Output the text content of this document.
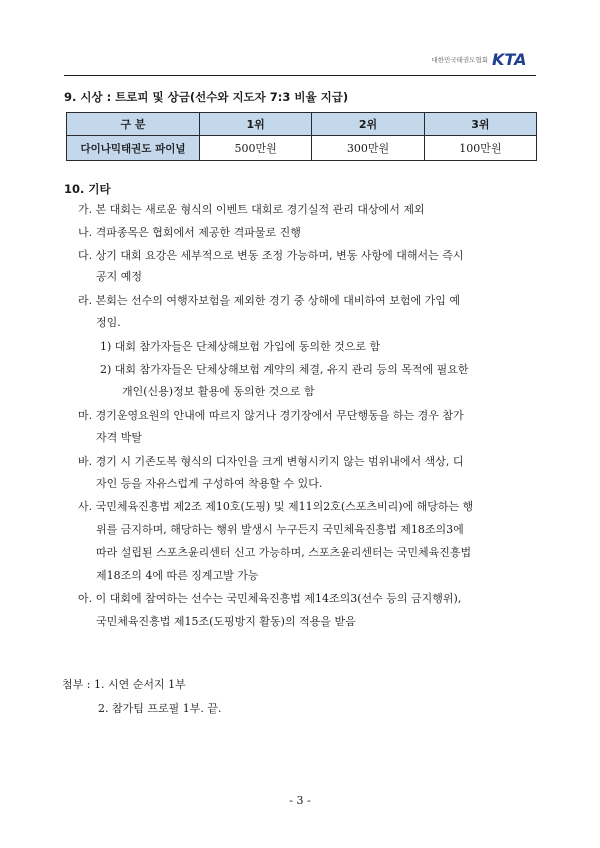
대한민국태권도협회 KTA
9. 시상 : 트로피 및 상금(선수와 지도자 7:3 비율 지급)
구 분	1위	2위	3위
다이나믹태권도 파이널	500만원	300만원	100만원
10. 기타
가. 본 대회는 새로운 형식의 이벤트 대회로 경기실적 관리 대상에서 제외
나. 격파종목은 협회에서 제공한 격파물로 진행
다. 상기 대회 요강은 세부적으로 변동 조정 가능하며, 변동 사항에 대해서는 즉시
공지 예정
라. 본회는 선수의 여행자보험을 제외한 경기 중 상해에 대비하여 보험에 가입 예
정임.
1) 대회 참가자들은 단체상해보험 가입에 동의한 것으로 함
2) 대회 참가자들은 단체상해보험 계약의 체결, 유지 관리 등의 목적에 필요한
개인(신용)정보 활용에 동의한 것으로 함
마. 경기운영요원의 안내에 따르지 않거나 경기장에서 무단행동을 하는 경우 참가
자격 박탈
바. 경기 시 기존도복 형식의 디자인을 크게 변형시키지 않는 범위내에서 색상, 디
자인 등을 자유스럽게 구성하여 착용할 수 있다.
사. 국민체육진흥법 제2조 제10호(도핑) 및 제11의2호(스포츠비리)에 해당하는 행
위를 금지하며, 해당하는 행위 발생시 누구든지 국민체육진흥법 제18조의3에
따라 설립된 스포츠윤리센터 신고 가능하며, 스포츠윤리센터는 국민체육진흥법
제18조의 4에 따른 징계고발 가능
아. 이 대회에 참여하는 선수는 국민체육진흥법 제14조의3(선수 등의 금지행위),
국민체육진흥법 제15조(도핑방지 활동)의 적용을 받음
첨부 : 1. 시연 순서지 1부
2. 참가팀 프로필 1부. 끝.
- 3 -
